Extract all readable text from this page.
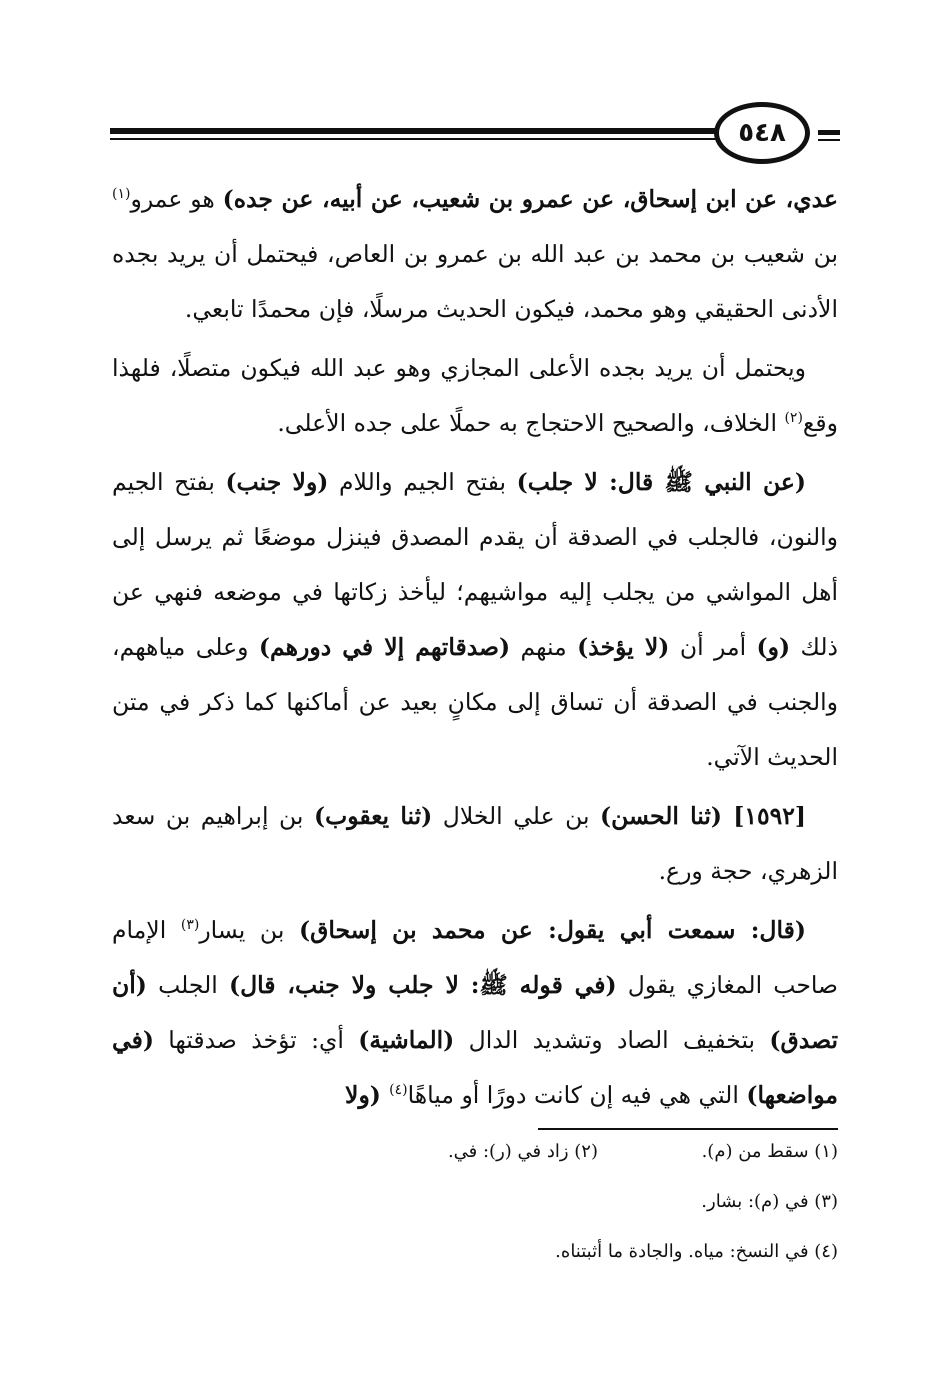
٥٤٨

عدي، عن ابن إسحاق، عن عمرو بن شعيب، عن أبيه، عن جده) هو عمرو$^{(١)}$ بن شعيب بن محمد بن عبد الله بن عمرو بن العاص، فيحتمل أن يريد بجده الأدنى الحقيقي وهو محمد، فيكون الحديث مرسلًا، فإن محمدًا تابعي.

ويحتمل أن يريد بجده الأعلى المجازي وهو عبد الله فيكون متصلًا، فلهذا وقع$^{(٢)}$ الخلاف، والصحيح الاحتجاج به حملًا على جده الأعلى.

(عن النبي ﷺ قال: لا جلب) بفتح الجيم واللام (ولا جنب) بفتح الجيم والنون، فالجلب في الصدقة أن يقدم المصدق فينزل موضعًا ثم يرسل إلى أهل المواشي من يجلب إليه مواشيهم؛ ليأخذ زكاتها في موضعه فنهي عن ذلك (و) أمر أن (لا يؤخذ) منهم (صدقاتهم إلا في دورهم) وعلى مياههم، والجنب في الصدقة أن تساق إلى مكانٍ بعيد عن أماكنها كما ذكر في متن الحديث الآتي.

[١٥٩٢] (ثنا الحسن) بن علي الخلال (ثنا يعقوب) بن إبراهيم بن سعد الزهري، حجة ورع.

(قال: سمعت أبي يقول: عن محمد بن إسحاق) بن يسار$^{(٣)}$ الإمام صاحب المغازي يقول (في قوله ﷺ: لا جلب ولا جنب، قال) الجلب (أن تصدق) بتخفيف الصاد وتشديد الدال (الماشية) أي: تؤخذ صدقتها (في مواضعها) التي هي فيه إن كانت دورًا أو مياهًا$^{(٤)}$ (ولا

(١) سقط من (م).
(٢) زاد في (ر): في.
(٣) في (م): بشار.
(٤) في النسخ: مياه. والجادة ما أثبتناه.
